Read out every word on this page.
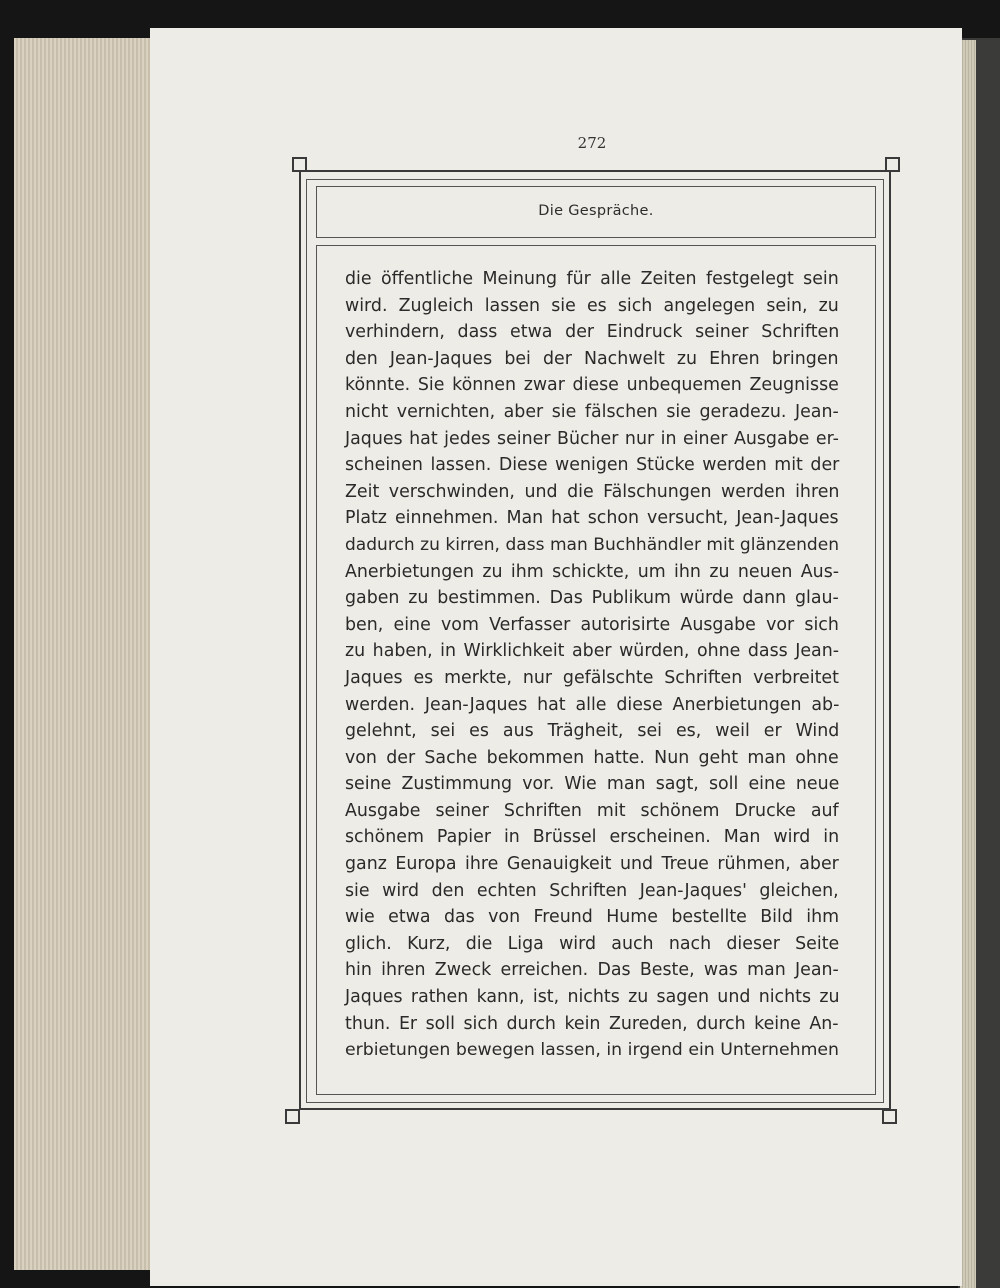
272
Die Gespräche.
die öffentliche Meinung für alle Zeiten festgelegt sein
wird. Zugleich lassen sie es sich angelegen sein, zu
verhindern, dass etwa der Eindruck seiner Schriften
den Jean-Jaques bei der Nachwelt zu Ehren bringen
könnte. Sie können zwar diese unbequemen Zeugnisse
nicht vernichten, aber sie fälschen sie geradezu. Jean-
Jaques hat jedes seiner Bücher nur in einer Ausgabe er-
scheinen lassen. Diese wenigen Stücke werden mit der
Zeit verschwinden, und die Fälschungen werden ihren
Platz einnehmen. Man hat schon versucht, Jean-Jaques
dadurch zu kirren, dass man Buchhändler mit glänzenden
Anerbietungen zu ihm schickte, um ihn zu neuen Aus-
gaben zu bestimmen. Das Publikum würde dann glau-
ben, eine vom Verfasser autorisirte Ausgabe vor sich
zu haben, in Wirklichkeit aber würden, ohne dass Jean-
Jaques es merkte, nur gefälschte Schriften verbreitet
werden. Jean-Jaques hat alle diese Anerbietungen ab-
gelehnt, sei es aus Trägheit, sei es, weil er Wind
von der Sache bekommen hatte. Nun geht man ohne
seine Zustimmung vor. Wie man sagt, soll eine neue
Ausgabe seiner Schriften mit schönem Drucke auf
schönem Papier in Brüssel erscheinen. Man wird in
ganz Europa ihre Genauigkeit und Treue rühmen, aber
sie wird den echten Schriften Jean-Jaques' gleichen,
wie etwa das von Freund Hume bestellte Bild ihm
glich. Kurz, die Liga wird auch nach dieser Seite
hin ihren Zweck erreichen. Das Beste, was man Jean-
Jaques rathen kann, ist, nichts zu sagen und nichts zu
thun. Er soll sich durch kein Zureden, durch keine An-
erbietungen bewegen lassen, in irgend ein Unternehmen
